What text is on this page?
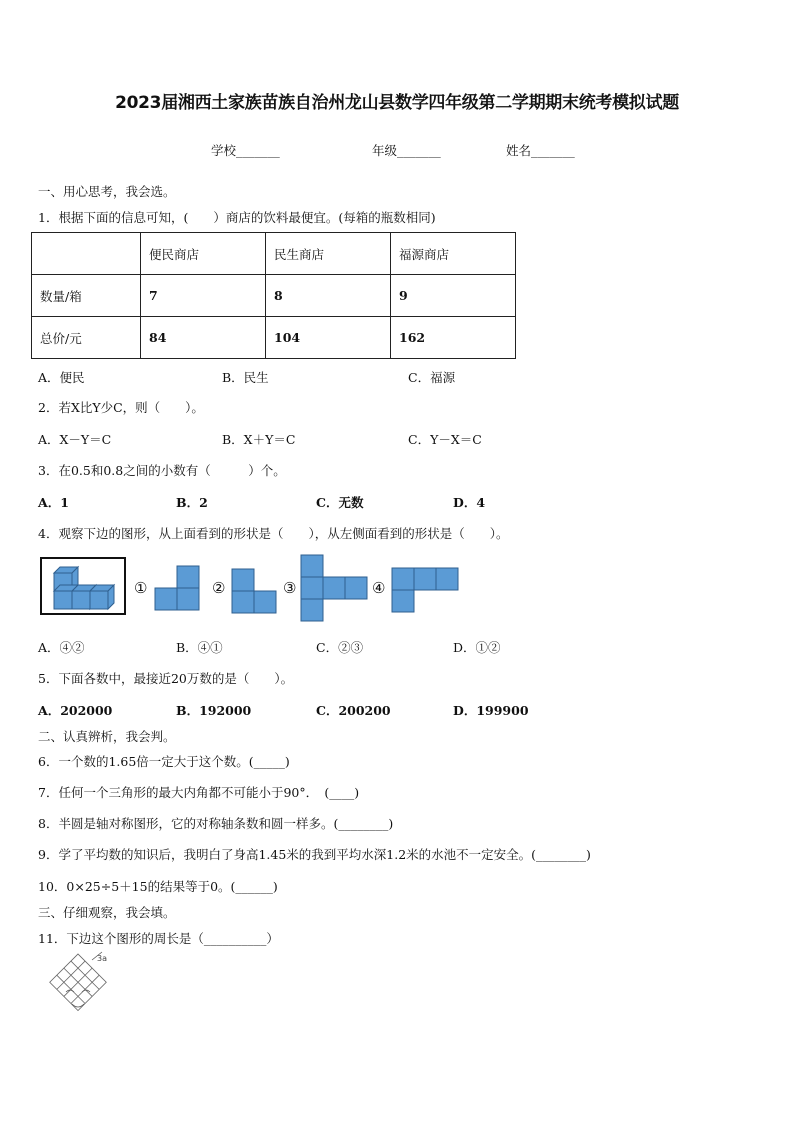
2023届湘西土家族苗族自治州龙山县数学四年级第二学期期末统考模拟试题
学校_______	年级_______	姓名_______
一、用心思考，我会选。
1．根据下面的信息可知，(　　）商店的饮料最便宜。(每箱的瓶数相同)
	便民商店	民生商店	福源商店
数量/箱	7	8	9
总价/元	84	104	162
A．便民	B．民生	C．福源
2．若X比Y少C，则（　　）。
A．X－Y＝C	B．X＋Y＝C	C．Y－X＝C
3．在0.5和0.8之间的小数有（　　　）个。
A．1	B．2	C．无数	D．4
4．观察下边的图形，从上面看到的形状是（　　），从左侧面看到的形状是（　　）。
①	②	③	④
A．④②	B．④①	C．②③	D．①②
5．下面各数中，最接近20万数的是（　　）。
A．202000	B．192000	C．200200	D．199900
二、认真辨析，我会判。
6．一个数的1.65倍一定大于这个数。(_____)
7．任何一个三角形的最大内角都不可能小于90°．　(____)
8．半圆是轴对称图形，它的对称轴条数和圆一样多。(________)
9．学了平均数的知识后，我明白了身高1.45米的我到平均水深1.2米的水池不一定安全。(________)
10．0×25÷5＋15的结果等于0。(______)
三、仔细观察，我会填。
11．下边这个图形的周长是（__________）
3a
